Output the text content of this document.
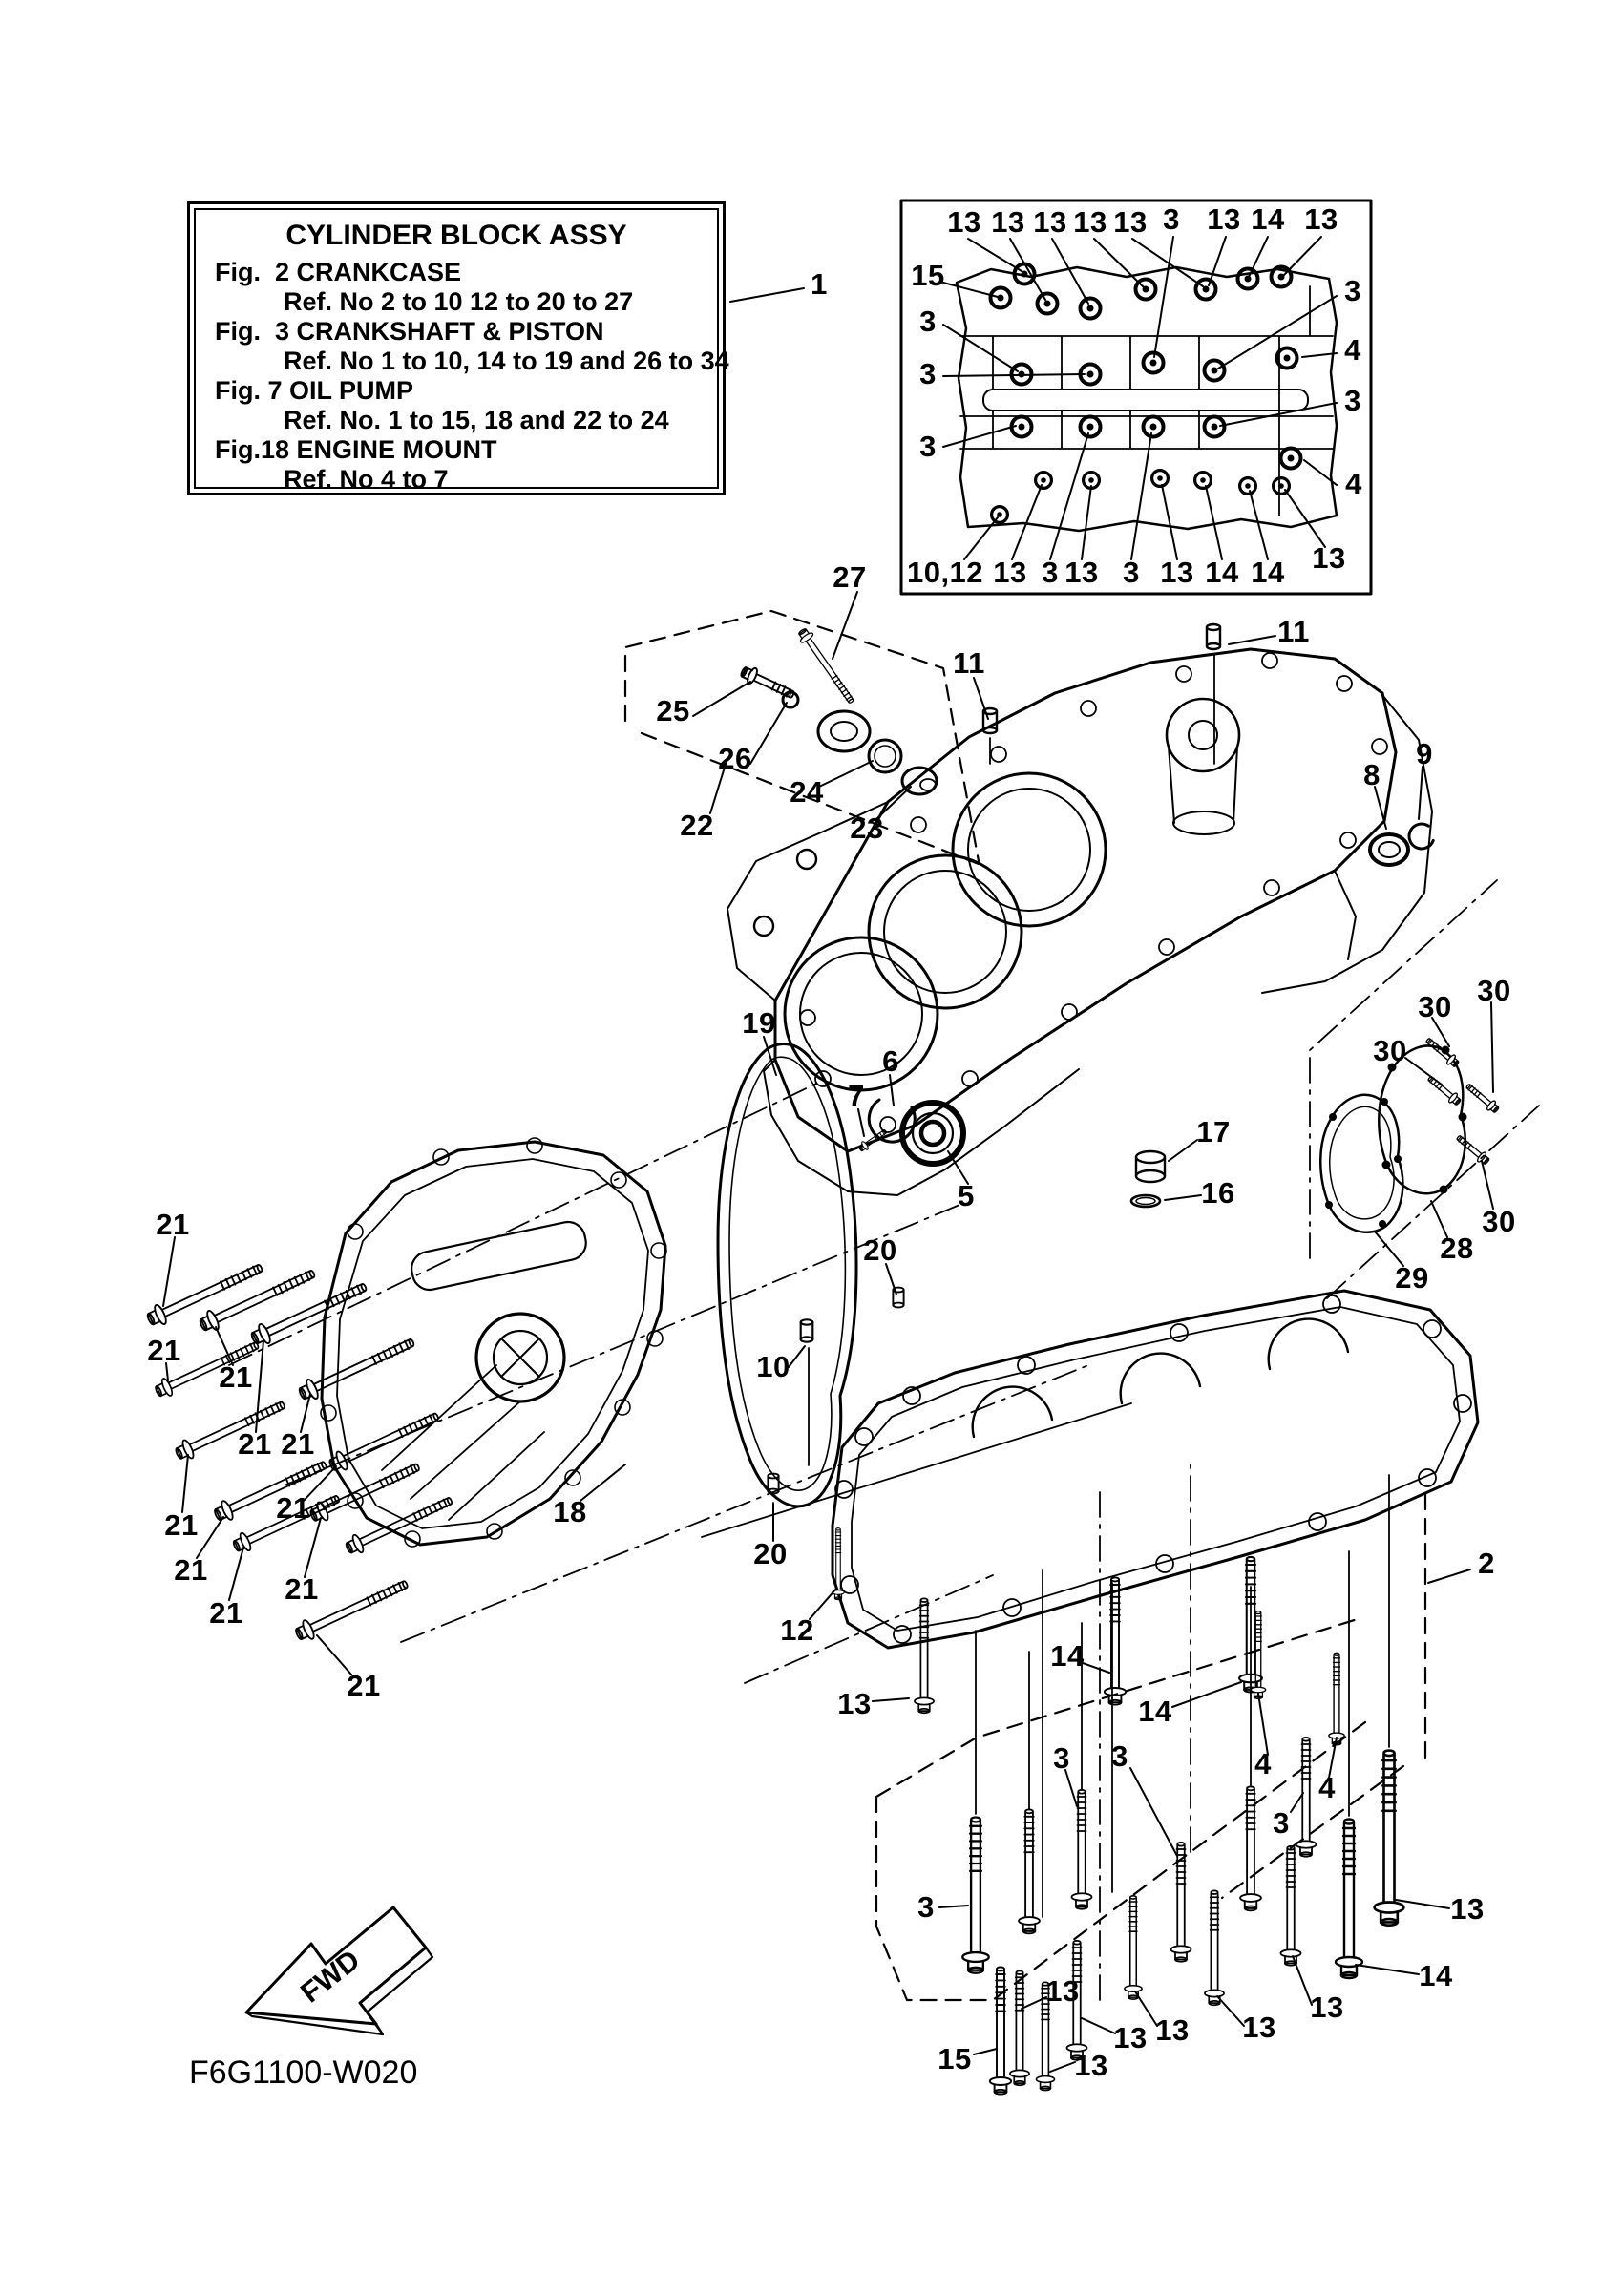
FWD
CYLINDER BLOCK ASSY
Fig.  2 CRANKCASE
Ref. No 2 to 10 12 to 20 to 27
Fig.  3 CRANKSHAFT & PISTON
Ref. No 1 to 10, 14 to 19 and 26 to 34
Fig. 7 OIL PUMP
Ref. No. 1 to 15, 18 and 22 to 24
Fig.18 ENGINE MOUNT
Ref. No 4 to 7
1
13 13 13 13 13 3 13 14 13
15
3
3
3
3
4
3
4
10,12 13 3 13 3 13 14 14 13
27
25
26
22
24
23
11
11
8
9
30 30
30
30
28
29
17
16
19
6
7
5
20
10
20
18
21
21
21
21 21
21
21
21
21
21
21
12
13
14
14
3 3
2
4
4
3
3
15
13
13
13 13 13
13
14
13
F6G1100-W020
